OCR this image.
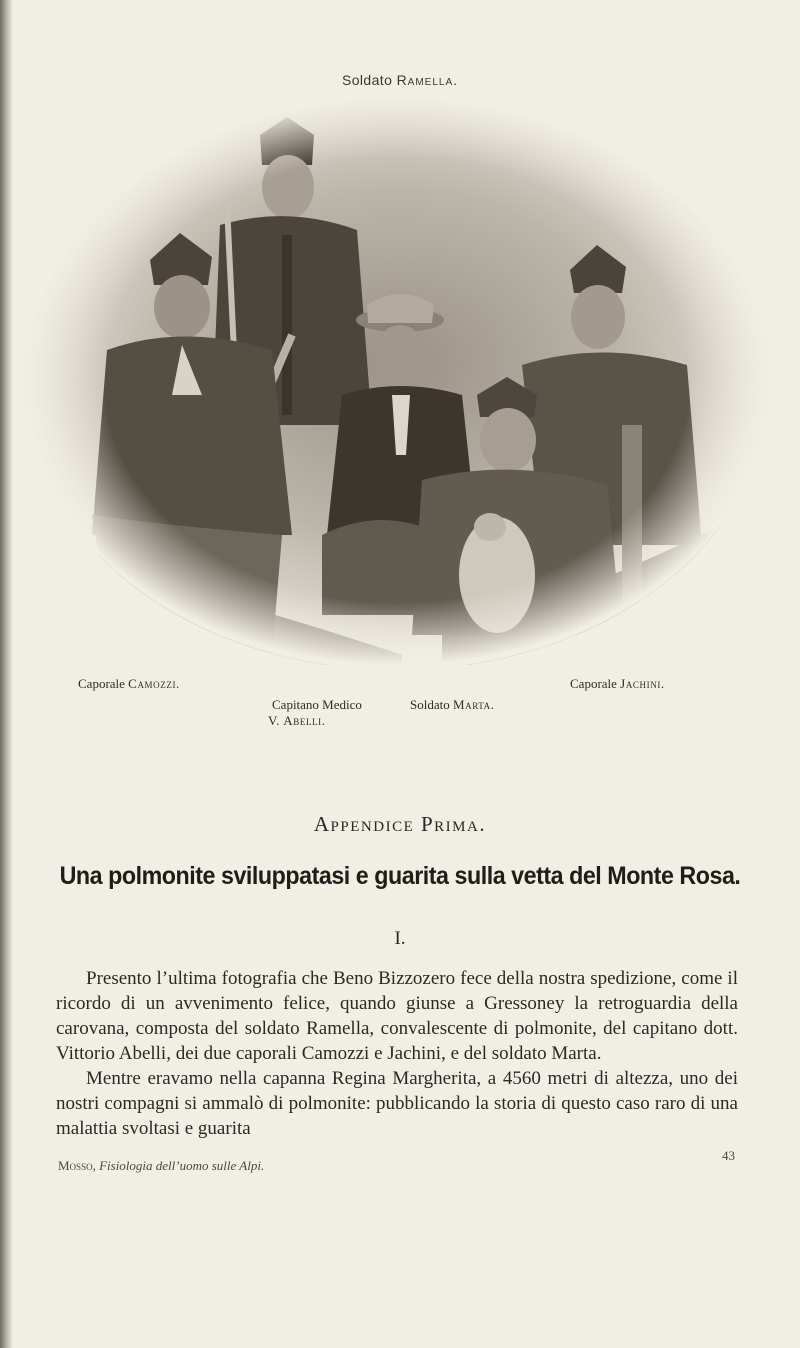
Soldato Ramella.
Caporale Camozzi.	Caporale Jachini.
Capitano Medico
V. Abelli.
Soldato Marta.
Appendice Prima.
Una polmonite sviluppatasi e guarita sulla vetta del Monte Rosa.
I.

Presento l’ultima fotografia che Beno Bizzozero fece della nostra spedizione, come il ricordo di un avvenimento felice, quando giunse a Gressoney la retroguardia della carovana, composta del soldato Ramella, convalescente di polmonite, del capitano dott. Vittorio Abelli, dei due caporali Camozzi e Jachini, e del soldato Marta.

Mentre eravamo nella capanna Regina Margherita, a 4560 metri di altezza, uno dei nostri compagni si ammalò di polmonite: pubblicando la storia di questo caso raro di una malattia svoltasi e guarita

Mosso, Fisiologia dell’uomo sulle Alpi.
43
